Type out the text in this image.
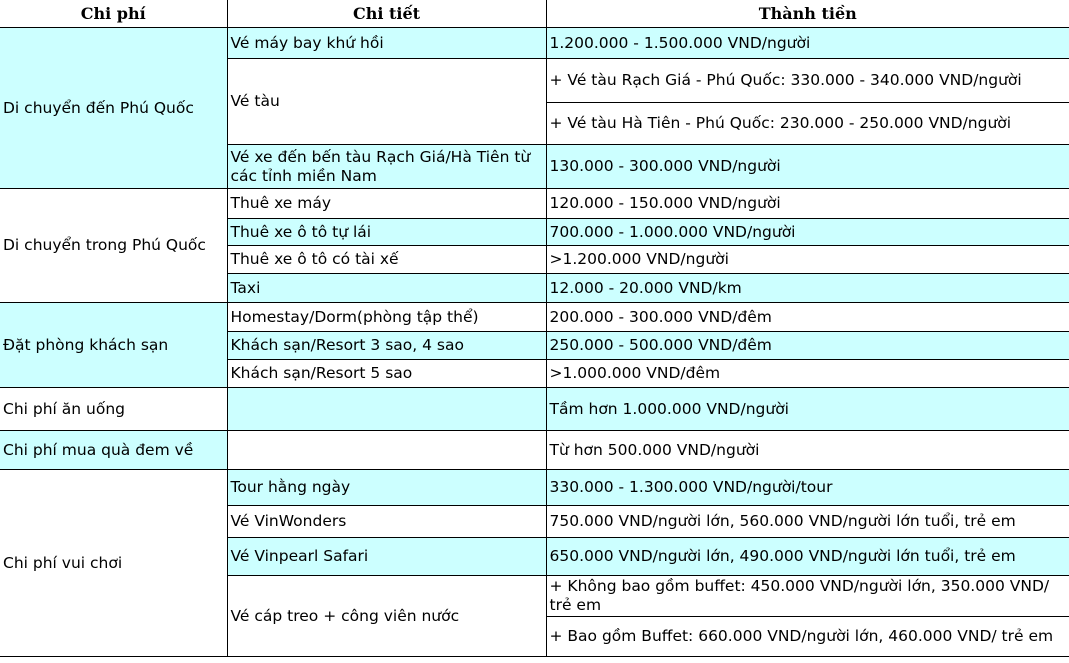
Chi phí	Chi tiết	Thành tiền
Di chuyển đến Phú Quốc	Vé máy bay khứ hồi	1.200.000 - 1.500.000 VND/người
	Vé tàu	+ Vé tàu Rạch Giá - Phú Quốc: 330.000 - 340.000 VND/người
		+ Vé tàu Hà Tiên - Phú Quốc: 230.000 - 250.000 VND/người
	Vé xe đến bến tàu Rạch Giá/Hà Tiên từ các tỉnh miền Nam	130.000 - 300.000 VND/người
Di chuyển trong Phú Quốc	Thuê xe máy	120.000 - 150.000 VND/người
	Thuê xe ô tô tự lái	700.000 - 1.000.000 VND/người
	Thuê xe ô tô có tài xế	>1.200.000 VND/người
	Taxi	12.000 - 20.000 VND/km
Đặt phòng khách sạn	Homestay/Dorm(phòng tập thể)	200.000 - 300.000 VND/đêm
	Khách sạn/Resort 3 sao, 4 sao	250.000 - 500.000 VND/đêm
	Khách sạn/Resort 5 sao	>1.000.000 VND/đêm
Chi phí ăn uống		Tầm hơn 1.000.000 VND/người
Chi phí mua quà đem về		Từ hơn 500.000 VND/người
Chi phí vui chơi	Tour hằng ngày	330.000 - 1.300.000 VND/người/tour
	Vé VinWonders	750.000 VND/người lớn, 560.000 VND/người lớn tuổi, trẻ em
	Vé Vinpearl Safari	650.000 VND/người lớn, 490.000 VND/người lớn tuổi, trẻ em
	Vé cáp treo + công viên nước	+ Không bao gồm buffet: 450.000 VND/người lớn, 350.000 VND/ trẻ em
		+ Bao gồm Buffet: 660.000 VND/người lớn, 460.000 VND/ trẻ em
